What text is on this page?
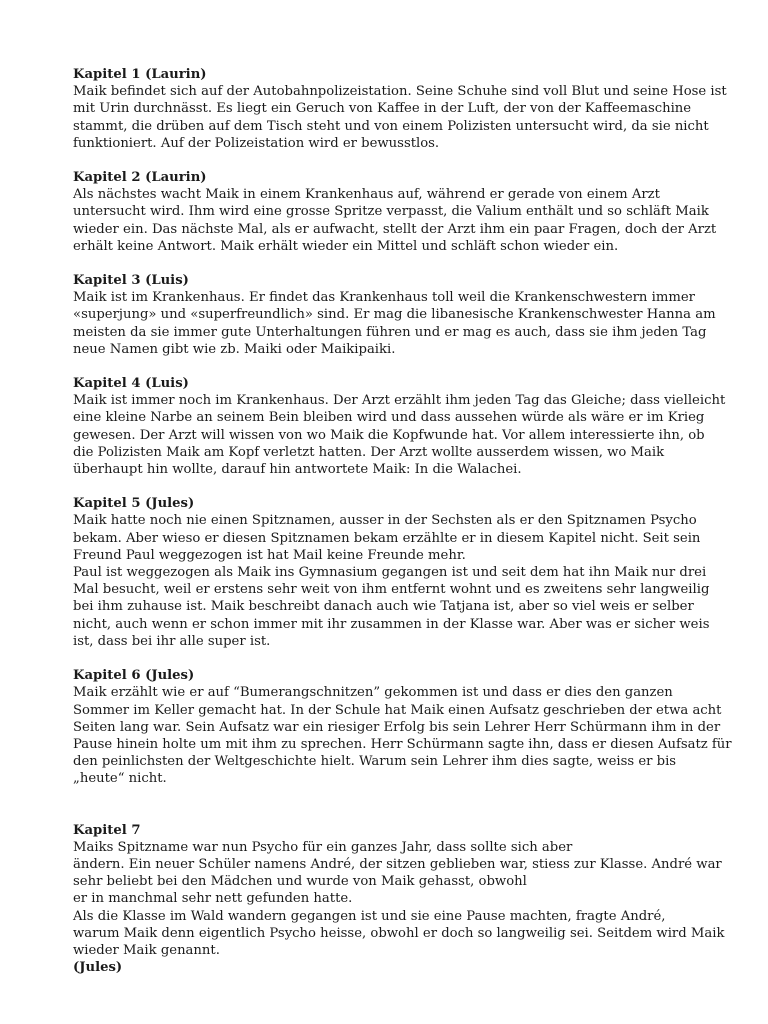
Kapitel 1 (Laurin)
Maik befindet sich auf der Autobahnpolizeistation. Seine Schuhe sind voll Blut und seine Hose ist
mit Urin durchnässt. Es liegt ein Geruch von Kaffee in der Luft, der von der Kaffeemaschine
stammt, die drüben auf dem Tisch steht und von einem Polizisten untersucht wird, da sie nicht
funktioniert. Auf der Polizeistation wird er bewusstlos.
Kapitel 2 (Laurin)
Als nächstes wacht Maik in einem Krankenhaus auf, während er gerade von einem Arzt
untersucht wird. Ihm wird eine grosse Spritze verpasst, die Valium enthält und so schläft Maik
wieder ein. Das nächste Mal, als er aufwacht, stellt der Arzt ihm ein paar Fragen, doch der Arzt
erhält keine Antwort. Maik erhält wieder ein Mittel und schläft schon wieder ein.
Kapitel 3 (Luis)
Maik ist im Krankenhaus. Er findet das Krankenhaus toll weil die Krankenschwestern immer
«superjung» und «superfreundlich» sind. Er mag die libanesische Krankenschwester Hanna am
meisten da sie immer gute Unterhaltungen führen und er mag es auch, dass sie ihm jeden Tag
neue Namen gibt wie zb. Maiki oder Maikipaiki.
Kapitel 4 (Luis)
Maik ist immer noch im Krankenhaus. Der Arzt erzählt ihm jeden Tag das Gleiche; dass vielleicht
eine kleine Narbe an seinem Bein bleiben wird und dass aussehen würde als wäre er im Krieg
gewesen. Der Arzt will wissen von wo Maik die Kopfwunde hat. Vor allem interessierte ihn, ob
die Polizisten Maik am Kopf verletzt hatten. Der Arzt wollte ausserdem wissen, wo Maik
überhaupt hin wollte, darauf hin antwortete Maik: In die Walachei.
Kapitel 5 (Jules)
Maik hatte noch nie einen Spitznamen, ausser in der Sechsten als er den Spitznamen Psycho
bekam. Aber wieso er diesen Spitznamen bekam erzählte er in diesem Kapitel nicht. Seit sein
Freund Paul weggezogen ist hat Mail keine Freunde mehr.
Paul ist weggezogen als Maik ins Gymnasium gegangen ist und seit dem hat ihn Maik nur drei
Mal besucht, weil er erstens sehr weit von ihm entfernt wohnt und es zweitens sehr langweilig
bei ihm zuhause ist. Maik beschreibt danach auch wie Tatjana ist, aber so viel weis er selber
nicht, auch wenn er schon immer mit ihr zusammen in der Klasse war. Aber was er sicher weis
ist, dass bei ihr alle super ist.
Kapitel 6 (Jules)
Maik erzählt wie er auf “Bumerangschnitzen” gekommen ist und dass er dies den ganzen
Sommer im Keller gemacht hat. In der Schule hat Maik einen Aufsatz geschrieben der etwa acht
Seiten lang war. Sein Aufsatz war ein riesiger Erfolg bis sein Lehrer Herr Schürmann ihm in der
Pause hinein holte um mit ihm zu sprechen. Herr Schürmann sagte ihn, dass er diesen Aufsatz für
den peinlichsten der Weltgeschichte hielt. Warum sein Lehrer ihm dies sagte, weiss er bis
„heute“ nicht.
Kapitel 7
Maiks Spitzname war nun Psycho für ein ganzes Jahr, dass sollte sich aber
ändern. Ein neuer Schüler namens André, der sitzen geblieben war, stiess zur Klasse. André war
sehr beliebt bei den Mädchen und wurde von Maik gehasst, obwohl
er in manchmal sehr nett gefunden hatte.
Als die Klasse im Wald wandern gegangen ist und sie eine Pause machten, fragte André,
warum Maik denn eigentlich Psycho heisse, obwohl er doch so langweilig sei. Seitdem wird Maik
wieder Maik genannt.
(Jules)
